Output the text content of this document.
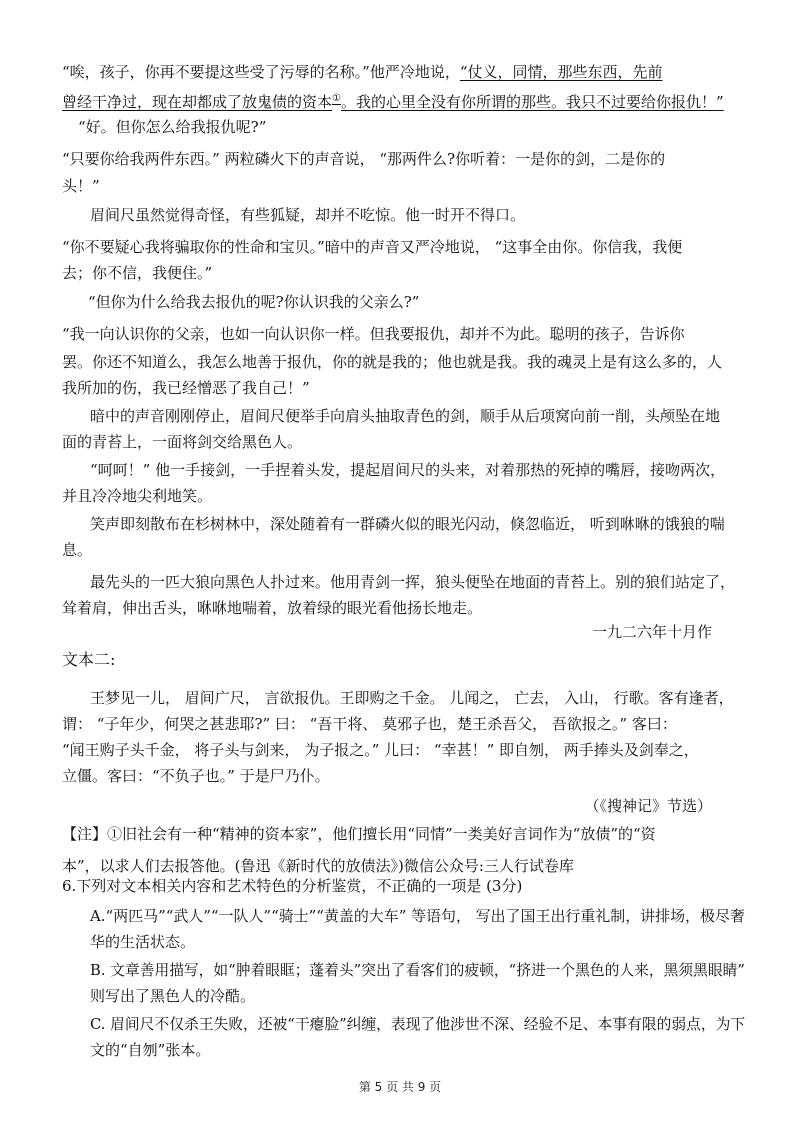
“唉，孩子，你再不要提这些受了污辱的名称。”他严冷地说，“仗义，同情，那些东西，先前
曾经干净过，现在却都成了放鬼债的资本①。我的心里全没有你所谓的那些。我只不过要给你报仇！”
“好。但你怎么给我报仇呢?”
“只要你给我两件东西。” 两粒磷火下的声音说， “那两件么?你听着：一是你的剑，二是你的
头！”
眉间尺虽然觉得奇怪，有些狐疑，却并不吃惊。他一时开不得口。
“你不要疑心我将骗取你的性命和宝贝。”暗中的声音又严冷地说， “这事全由你。你信我，我便
去；你不信，我便住。”
“但你为什么给我去报仇的呢?你认识我的父亲么?”
“我一向认识你的父亲，也如一向认识你一样。但我要报仇，却并不为此。聪明的孩子，告诉你
罢。你还不知道么，我怎么地善于报仇，你的就是我的；他也就是我。我的魂灵上是有这么多的，人
我所加的伤，我已经憎恶了我自己！”
暗中的声音刚刚停止，眉间尺便举手向肩头抽取青色的剑，顺手从后项窝向前一削，头颅坠在地
面的青苔上，一面将剑交给黑色人。
“呵呵！” 他一手接剑，一手捏着头发，提起眉间尺的头来，对着那热的死掉的嘴唇，接吻两次，
并且冷冷地尖利地笑。
笑声即刻散布在杉树林中，深处随着有一群磷火似的眼光闪动，倏忽临近， 听到咻咻的饿狼的喘
息。
最先头的一匹大狼向黑色人扑过来。他用青剑一挥，狼头便坠在地面的青苔上。别的狼们站定了，
耸着肩，伸出舌头，咻咻地喘着，放着绿的眼光看他扬长地走。
一九二六年十月作
文本二:
王梦见一儿， 眉间广尺， 言欲报仇。王即购之千金。 儿闻之， 亡去， 入山， 行歌。客有逢者，
谓： “子年少，何哭之甚悲耶?” 曰： “吾干将、 莫邪子也，楚王杀吾父， 吾欲报之。” 客曰：
“闻王购子头千金， 将子头与剑来， 为子报之。” 儿曰： “幸甚！” 即自刎， 两手捧头及剑奉之，
立僵。客曰：“不负子也。” 于是尸乃仆。
（《搜神记》节选）
【注】①旧社会有一种“精神的资本家”，他们擅长用“同情”一类美好言词作为“放债”的“资
本”，以求人们去报答他。(鲁迅《新时代的放债法》)微信公众号:三人行试卷库
6.下列对文本相关内容和艺术特色的分析鉴赏，不正确的一项是 (3分)
A.“两匹马”“武人”“一队人”“骑士”“黄盖的大车” 等语句， 写出了国王出行重礼制，讲排场，极尽奢
华的生活状态。
B. 文章善用描写，如“肿着眼眶；蓬着头”突出了看客们的疲顿，“挤进一个黑色的人来，黑须黑眼睛”
则写出了黑色人的冷酷。
C. 眉间尺不仅杀王失败，还被“干瘪脸”纠缠，表现了他涉世不深、经验不足、本事有限的弱点，为下
文的“自刎”张本。
第 5 页 共 9 页
